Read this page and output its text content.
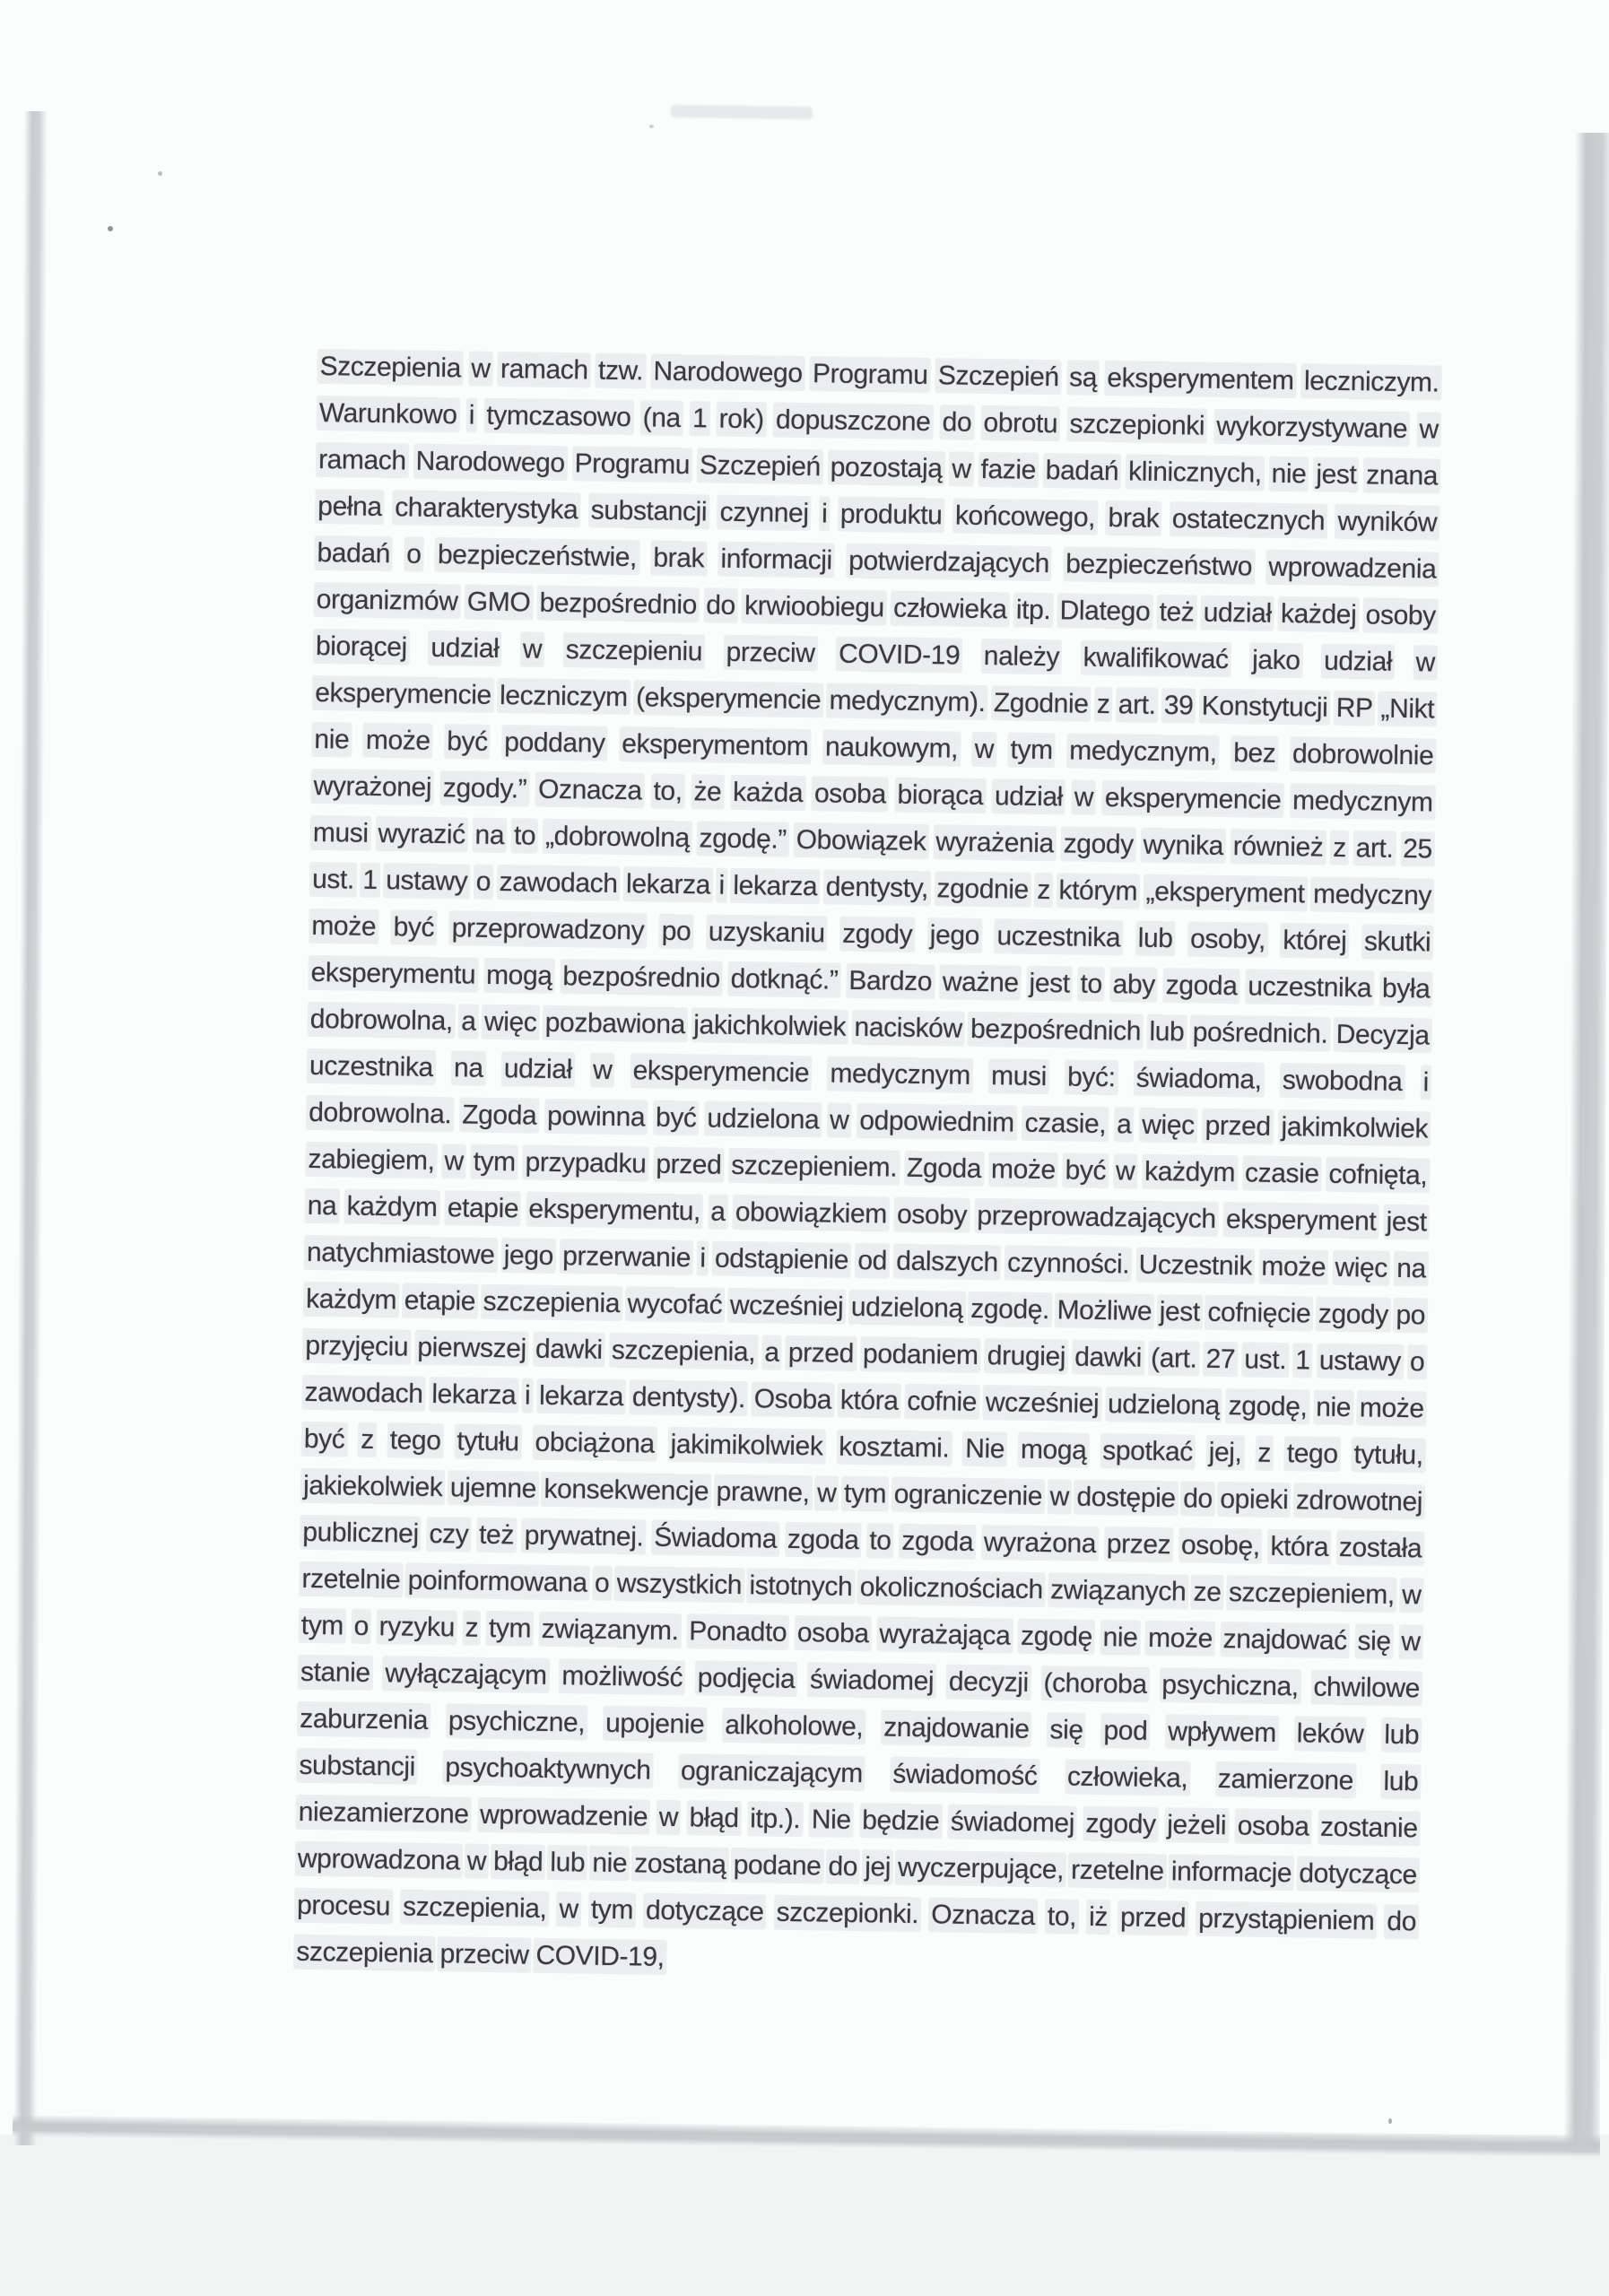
Szczepienia w ramach tzw. Narodowego Programu Szczepień są eksperymentem leczniczym. Warunkowo i tymczasowo (na 1 rok) dopuszczone do obrotu szczepionki wykorzystywane w ramach Narodowego Programu Szczepień pozostają w fazie badań klinicznych, nie jest znana pełna charakterystyka substancji czynnej i produktu końcowego, brak ostatecznych wyników badań o bezpieczeństwie, brak informacji potwierdzających bezpieczeństwo wprowadzenia organizmów GMO bezpośrednio do krwioobiegu człowieka itp. Dlatego też udział każdej osoby biorącej udział w szczepieniu przeciw COVID-19 należy kwalifikować jako udział w eksperymencie leczniczym (eksperymencie medycznym). Zgodnie z art. 39 Konstytucji RP „Nikt nie może być poddany eksperymentom naukowym, w tym medycznym, bez dobrowolnie wyrażonej zgody.” Oznacza to, że każda osoba biorąca udział w eksperymencie medycznym musi wyrazić na to „dobrowolną zgodę.” Obowiązek wyrażenia zgody wynika również z art. 25 ust. 1 ustawy o zawodach lekarza i lekarza dentysty, zgodnie z którym „eksperyment medyczny może być przeprowadzony po uzyskaniu zgody jego uczestnika lub osoby, której skutki eksperymentu mogą bezpośrednio dotknąć.” Bardzo ważne jest to aby zgoda uczestnika była dobrowolna, a więc pozbawiona jakichkolwiek nacisków bezpośrednich lub pośrednich. Decyzja uczestnika na udział w eksperymencie medycznym musi być: świadoma, swobodna i dobrowolna. Zgoda powinna być udzielona w odpowiednim czasie, a więc przed jakimkolwiek zabiegiem, w tym przypadku przed szczepieniem. Zgoda może być w każdym czasie cofnięta, na każdym etapie eksperymentu, a obowiązkiem osoby przeprowadzających eksperyment jest natychmiastowe jego przerwanie i odstąpienie od dalszych czynności. Uczestnik może więc na każdym etapie szczepienia wycofać wcześniej udzieloną zgodę. Możliwe jest cofnięcie zgody po przyjęciu pierwszej dawki szczepienia, a przed podaniem drugiej dawki (art. 27 ust. 1 ustawy o zawodach lekarza i lekarza dentysty). Osoba która cofnie wcześniej udzieloną zgodę, nie może być z tego tytułu obciążona jakimikolwiek kosztami. Nie mogą spotkać jej, z tego tytułu, jakiekolwiek ujemne konsekwencje prawne, w tym ograniczenie w dostępie do opieki zdrowotnej publicznej czy też prywatnej. Świadoma zgoda to zgoda wyrażona przez osobę, która została rzetelnie poinformowana o wszystkich istotnych okolicznościach związanych ze szczepieniem, w tym o ryzyku z tym związanym. Ponadto osoba wyrażająca zgodę nie może znajdować się w stanie wyłączającym możliwość podjęcia świadomej decyzji (choroba psychiczna, chwilowe zaburzenia psychiczne, upojenie alkoholowe, znajdowanie się pod wpływem leków lub substancji psychoaktywnych ograniczającym świadomość człowieka, zamierzone lub niezamierzone wprowadzenie w błąd itp.). Nie będzie świadomej zgody jeżeli osoba zostanie wprowadzona w błąd lub nie zostaną podane do jej wyczerpujące, rzetelne informacje dotyczące procesu szczepienia, w tym dotyczące szczepionki. Oznacza to, iż przed przystąpieniem do szczepienia przeciw COVID-19,
